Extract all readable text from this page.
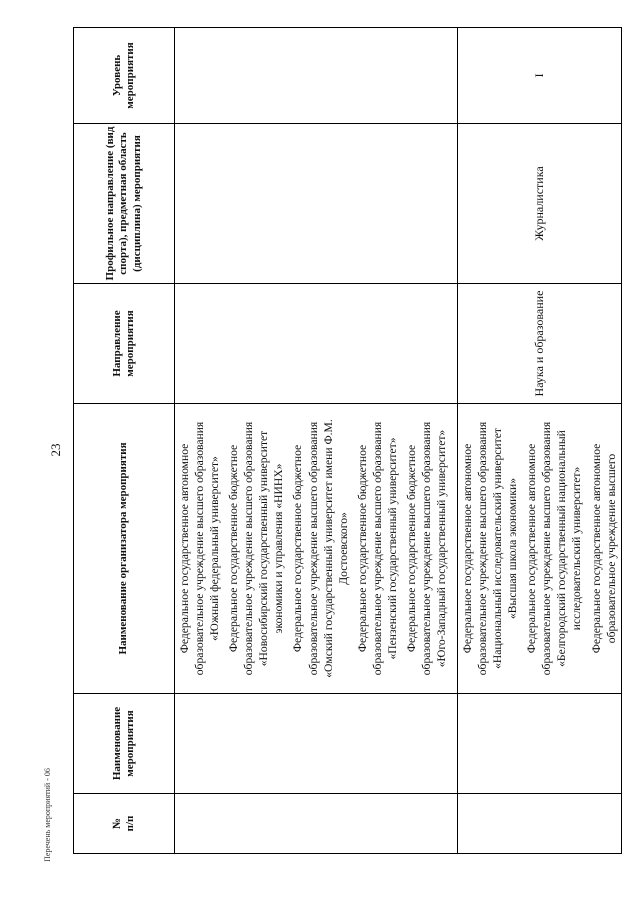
23
№
п/п	Наименование мероприятия	Наименование организатора мероприятия	Направление мероприятия	Профильное направление (вид спорта), предметная область (дисциплина) мероприятия	Уровень мероприятия

		Федеральное государственное автономное образовательное учреждение высшего образования «Южный федеральный университет» Федеральное государственное бюджетное образовательное учреждение высшего образования «Новосибирский государственный университет экономики и управления «НИНХ» Федеральное государственное бюджетное образовательное учреждение высшего образования «Омский государственный университет имени Ф.М. Достоевского» Федеральное государственное бюджетное образовательное учреждение высшего образования «Пензенский государственный университет» Федеральное государственное бюджетное образовательное учреждение высшего образования «Юго-Западный государственный университет»			

		Федеральное государственное автономное образовательное учреждение высшего образования «Национальный исследовательский университет «Высшая школа экономики» Федеральное государственное автономное образовательное учреждение высшего образования «Белгородский государственный национальный исследовательский университет» Федеральное государственное автономное образовательное учреждение высшего	Наука и образование	Журналистика	I
Перечень мероприятий - 06
